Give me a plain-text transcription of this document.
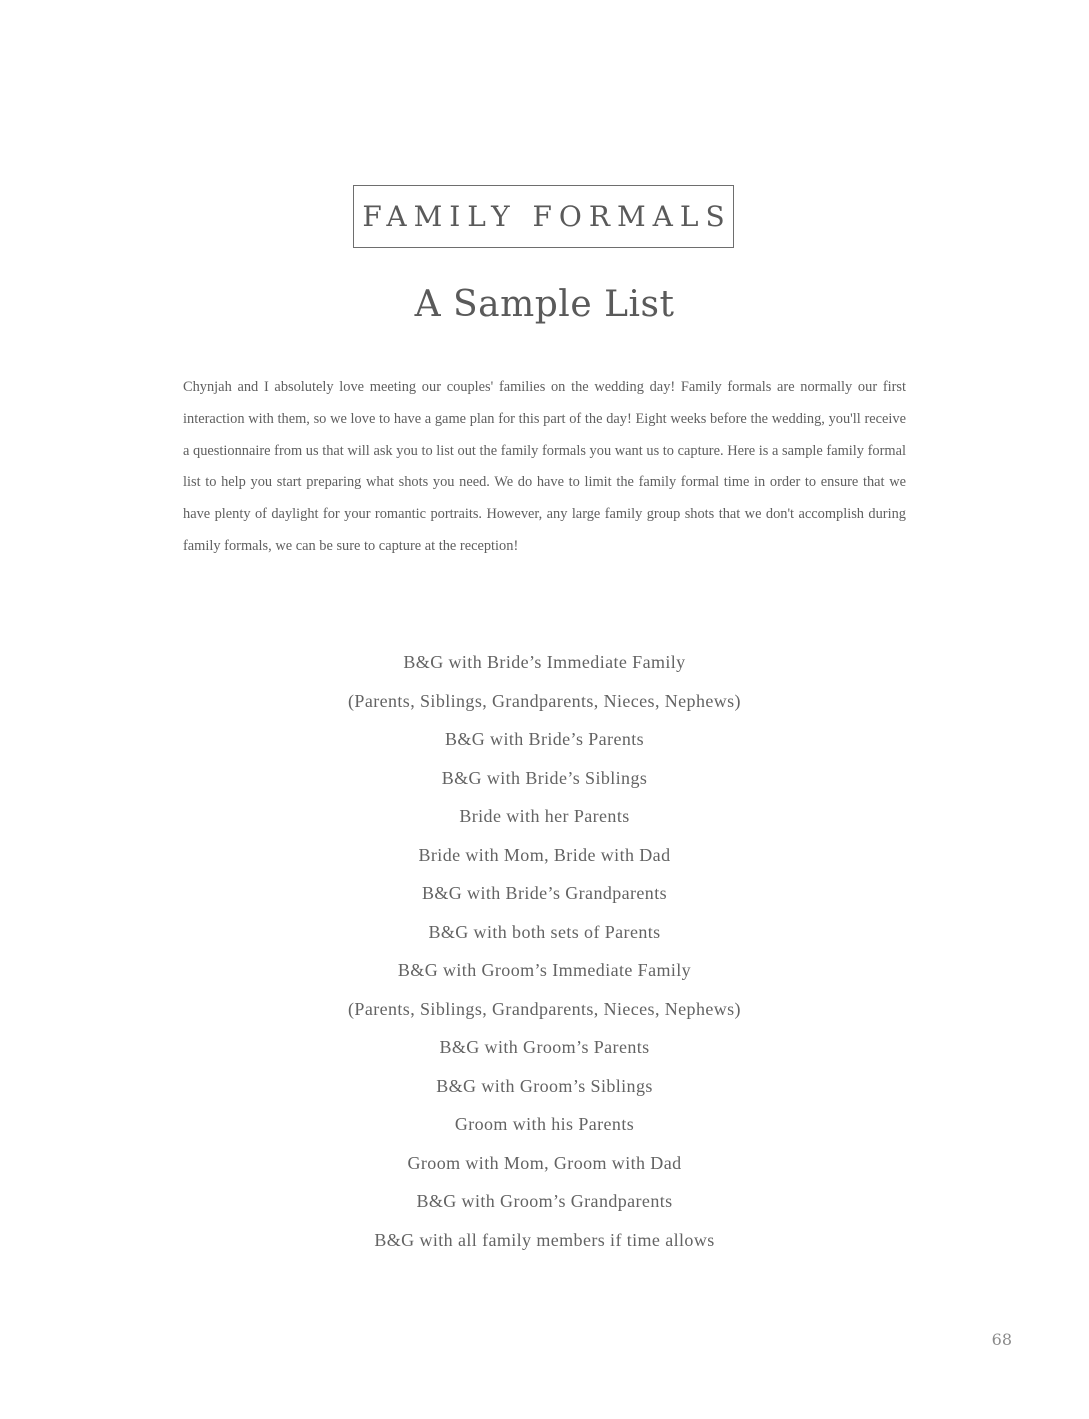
FAMILY FORMALS
A Sample List

Chynjah and I absolutely love meeting our couples' families on the wedding day! Family formals are normally our first interaction with them, so we love to have a game plan for this part of the day! Eight weeks before the wedding, you'll receive a questionnaire from us that will ask you to list out the family formals you want us to capture. Here is a sample family formal list to help you start preparing what shots you need. We do have to limit the family formal time in order to ensure that we have plenty of daylight for your romantic portraits. However, any large family group shots that we don't accomplish during family formals, we can be sure to capture at the reception!

B&G with Bride’s Immediate Family
(Parents, Siblings, Grandparents, Nieces, Nephews)
B&G with Bride’s Parents
B&G with Bride’s Siblings
Bride with her Parents
Bride with Mom, Bride with Dad
B&G with Bride’s Grandparents
B&G with both sets of Parents
B&G with Groom’s Immediate Family
(Parents, Siblings, Grandparents, Nieces, Nephews)
B&G with Groom’s Parents
B&G with Groom’s Siblings
Groom with his Parents
Groom with Mom, Groom with Dad
B&G with Groom’s Grandparents
B&G with all family members if time allows
68
